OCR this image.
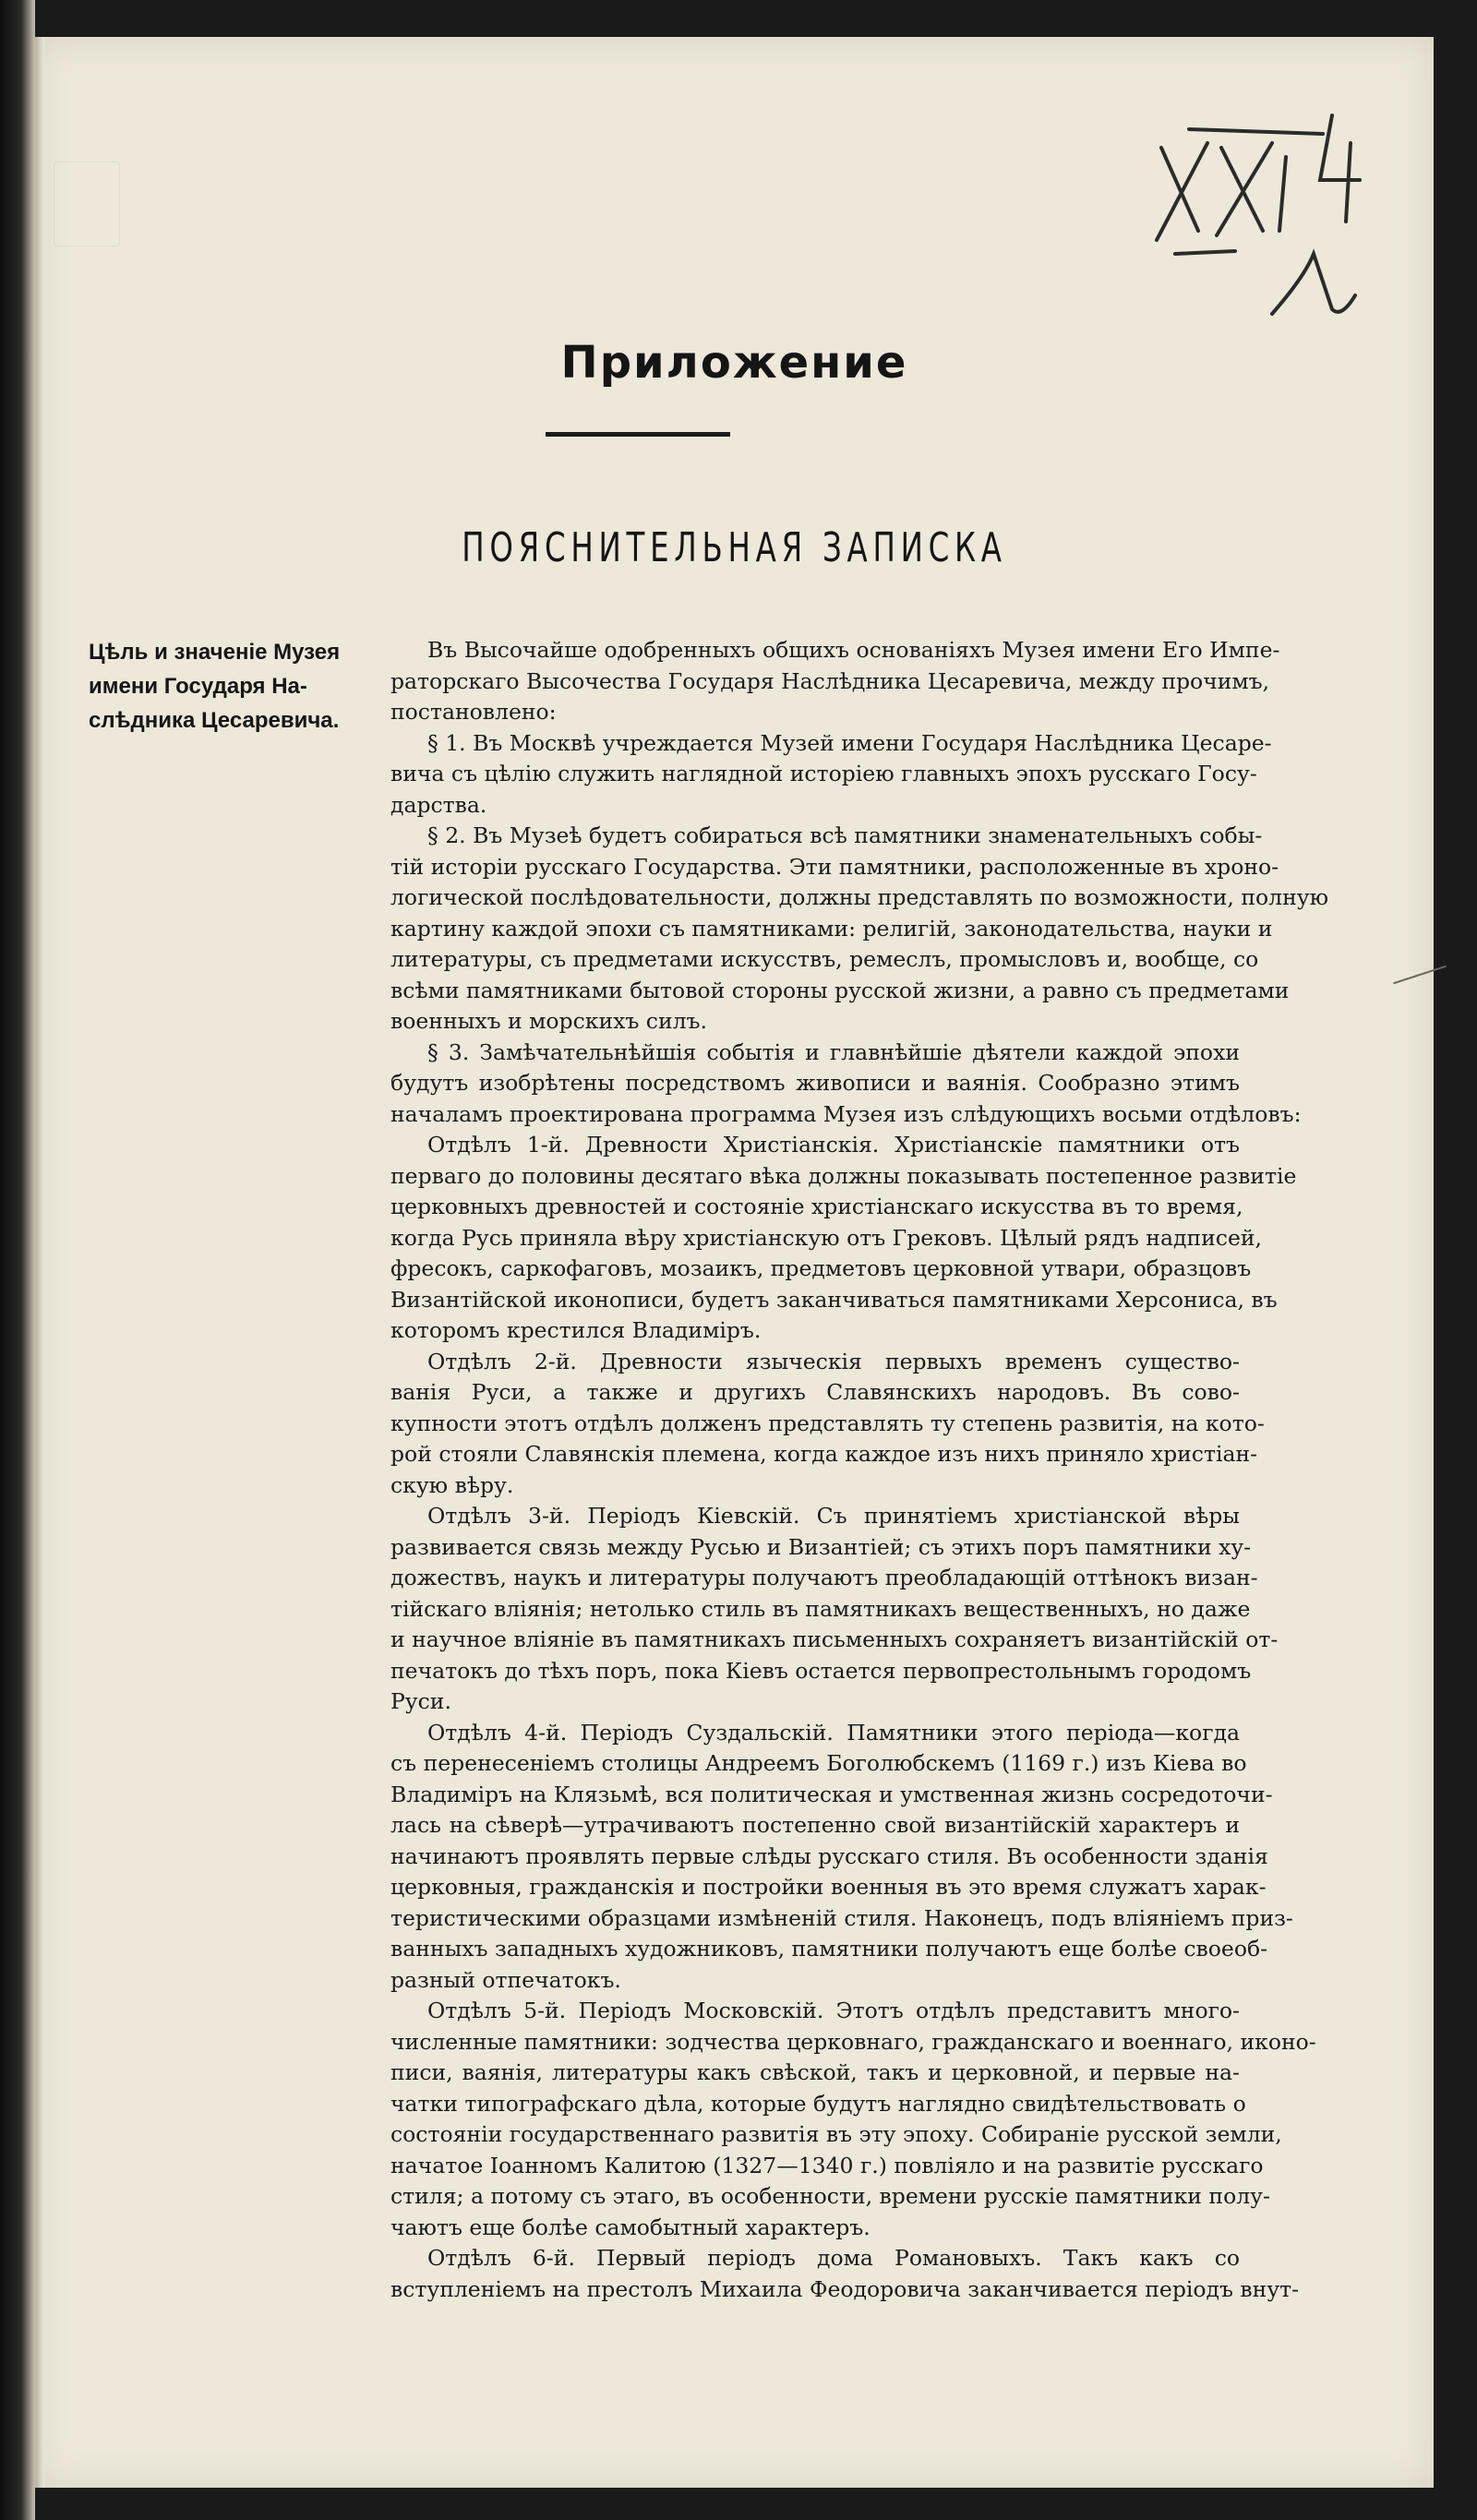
Приложение
ПОЯСНИТЕЛЬНАЯ ЗАПИСКА
Цѣль и значеніе Музея
имени Государя На-
слѣдника Цесаревича.
Въ Высочайше одобренныхъ общихъ основаніяхъ Музея имени Его Импе-
раторскаго Высочества Государя Наслѣдника Цесаревича, между прочимъ,
постановлено:
§ 1. Въ Москвѣ учреждается Музей имени Государя Наслѣдника Цесаре-
вича съ цѣлію служить наглядной исторіею главныхъ эпохъ русскаго Госу-
дарства.
§ 2. Въ Музеѣ будетъ собираться всѣ памятники знаменательныхъ собы-
тій исторіи русскаго Государства. Эти памятники, расположенные въ хроно-
логической послѣдовательности, должны представлять по возможности, полную
картину каждой эпохи съ памятниками: религій, законодательства, науки и
литературы, съ предметами искусствъ, ремеслъ, промысловъ и, вообще, со
всѣми памятниками бытовой стороны русской жизни, а равно съ предметами
военныхъ и морскихъ силъ.
§ 3. Замѣчательнѣйшія событія и главнѣйшіе дѣятели каждой эпохи
будутъ изобрѣтены посредствомъ живописи и ваянія. Сообразно этимъ
началамъ проектирована программа Музея изъ слѣдующихъ восьми отдѣловъ:
Отдѣлъ 1-й. Древности Христіанскія. Христіанскіе памятники отъ
перваго до половины десятаго вѣка должны показывать постепенное развитіе
церковныхъ древностей и состояніе христіанскаго искусства въ то время,
когда Русь приняла вѣру христіанскую отъ Грековъ. Цѣлый рядъ надписей,
фресокъ, саркофаговъ, мозаикъ, предметовъ церковной утвари, образцовъ
Византійской иконописи, будетъ заканчиваться памятниками Херсониса, въ
которомъ крестился Владиміръ.
Отдѣлъ 2-й. Древности языческія первыхъ временъ существо-
ванія Руси, а также и другихъ Славянскихъ народовъ. Въ сово-
купности этотъ отдѣлъ долженъ представлять ту степень развитія, на кото-
рой стояли Славянскія племена, когда каждое изъ нихъ приняло христіан-
скую вѣру.
Отдѣлъ 3-й. Періодъ Кіевскій. Съ принятіемъ христіанской вѣры
развивается связь между Русью и Византіей; съ этихъ поръ памятники ху-
дожествъ, наукъ и литературы получаютъ преобладающій оттѣнокъ визан-
тійскаго вліянія; нетолько стиль въ памятникахъ вещественныхъ, но даже
и научное вліяніе въ памятникахъ письменныхъ сохраняетъ византійскій от-
печатокъ до тѣхъ поръ, пока Кіевъ остается первопрестольнымъ городомъ
Руси.
Отдѣлъ 4-й. Періодъ Суздальскій. Памятники этого періода—когда
съ перенесеніемъ столицы Андреемъ Боголюбскемъ (1169 г.) изъ Кіева во
Владиміръ на Клязьмѣ, вся политическая и умственная жизнь сосредоточи-
лась на сѣверѣ—утрачиваютъ постепенно свой византійскій характеръ и
начинаютъ проявлять первые слѣды русскаго стиля. Въ особенности зданія
церковныя, гражданскія и постройки военныя въ это время служатъ харак-
теристическими образцами измѣненій стиля. Наконецъ, подъ вліяніемъ приз-
ванныхъ западныхъ художниковъ, памятники получаютъ еще болѣе своеоб-
разный отпечатокъ.
Отдѣлъ 5-й. Періодъ Московскій. Этотъ отдѣлъ представитъ много-
численные памятники: зодчества церковнаго, гражданскаго и военнаго, иконо-
писи, ваянія, литературы какъ свѣской, такъ и церковной, и первые на-
чатки типографскаго дѣла, которые будутъ наглядно свидѣтельствовать о
состояніи государственнаго развитія въ эту эпоху. Собираніе русской земли,
начатое Іоанномъ Калитою (1327—1340 г.) повліяло и на развитіе русскаго
стиля; а потому съ этаго, въ особенности, времени русскіе памятники полу-
чаютъ еще болѣе самобытный характеръ.
Отдѣлъ 6-й. Первый періодъ дома Романовыхъ. Такъ какъ со
вступленіемъ на престолъ Михаила Феодоровича заканчивается періодъ внут-
